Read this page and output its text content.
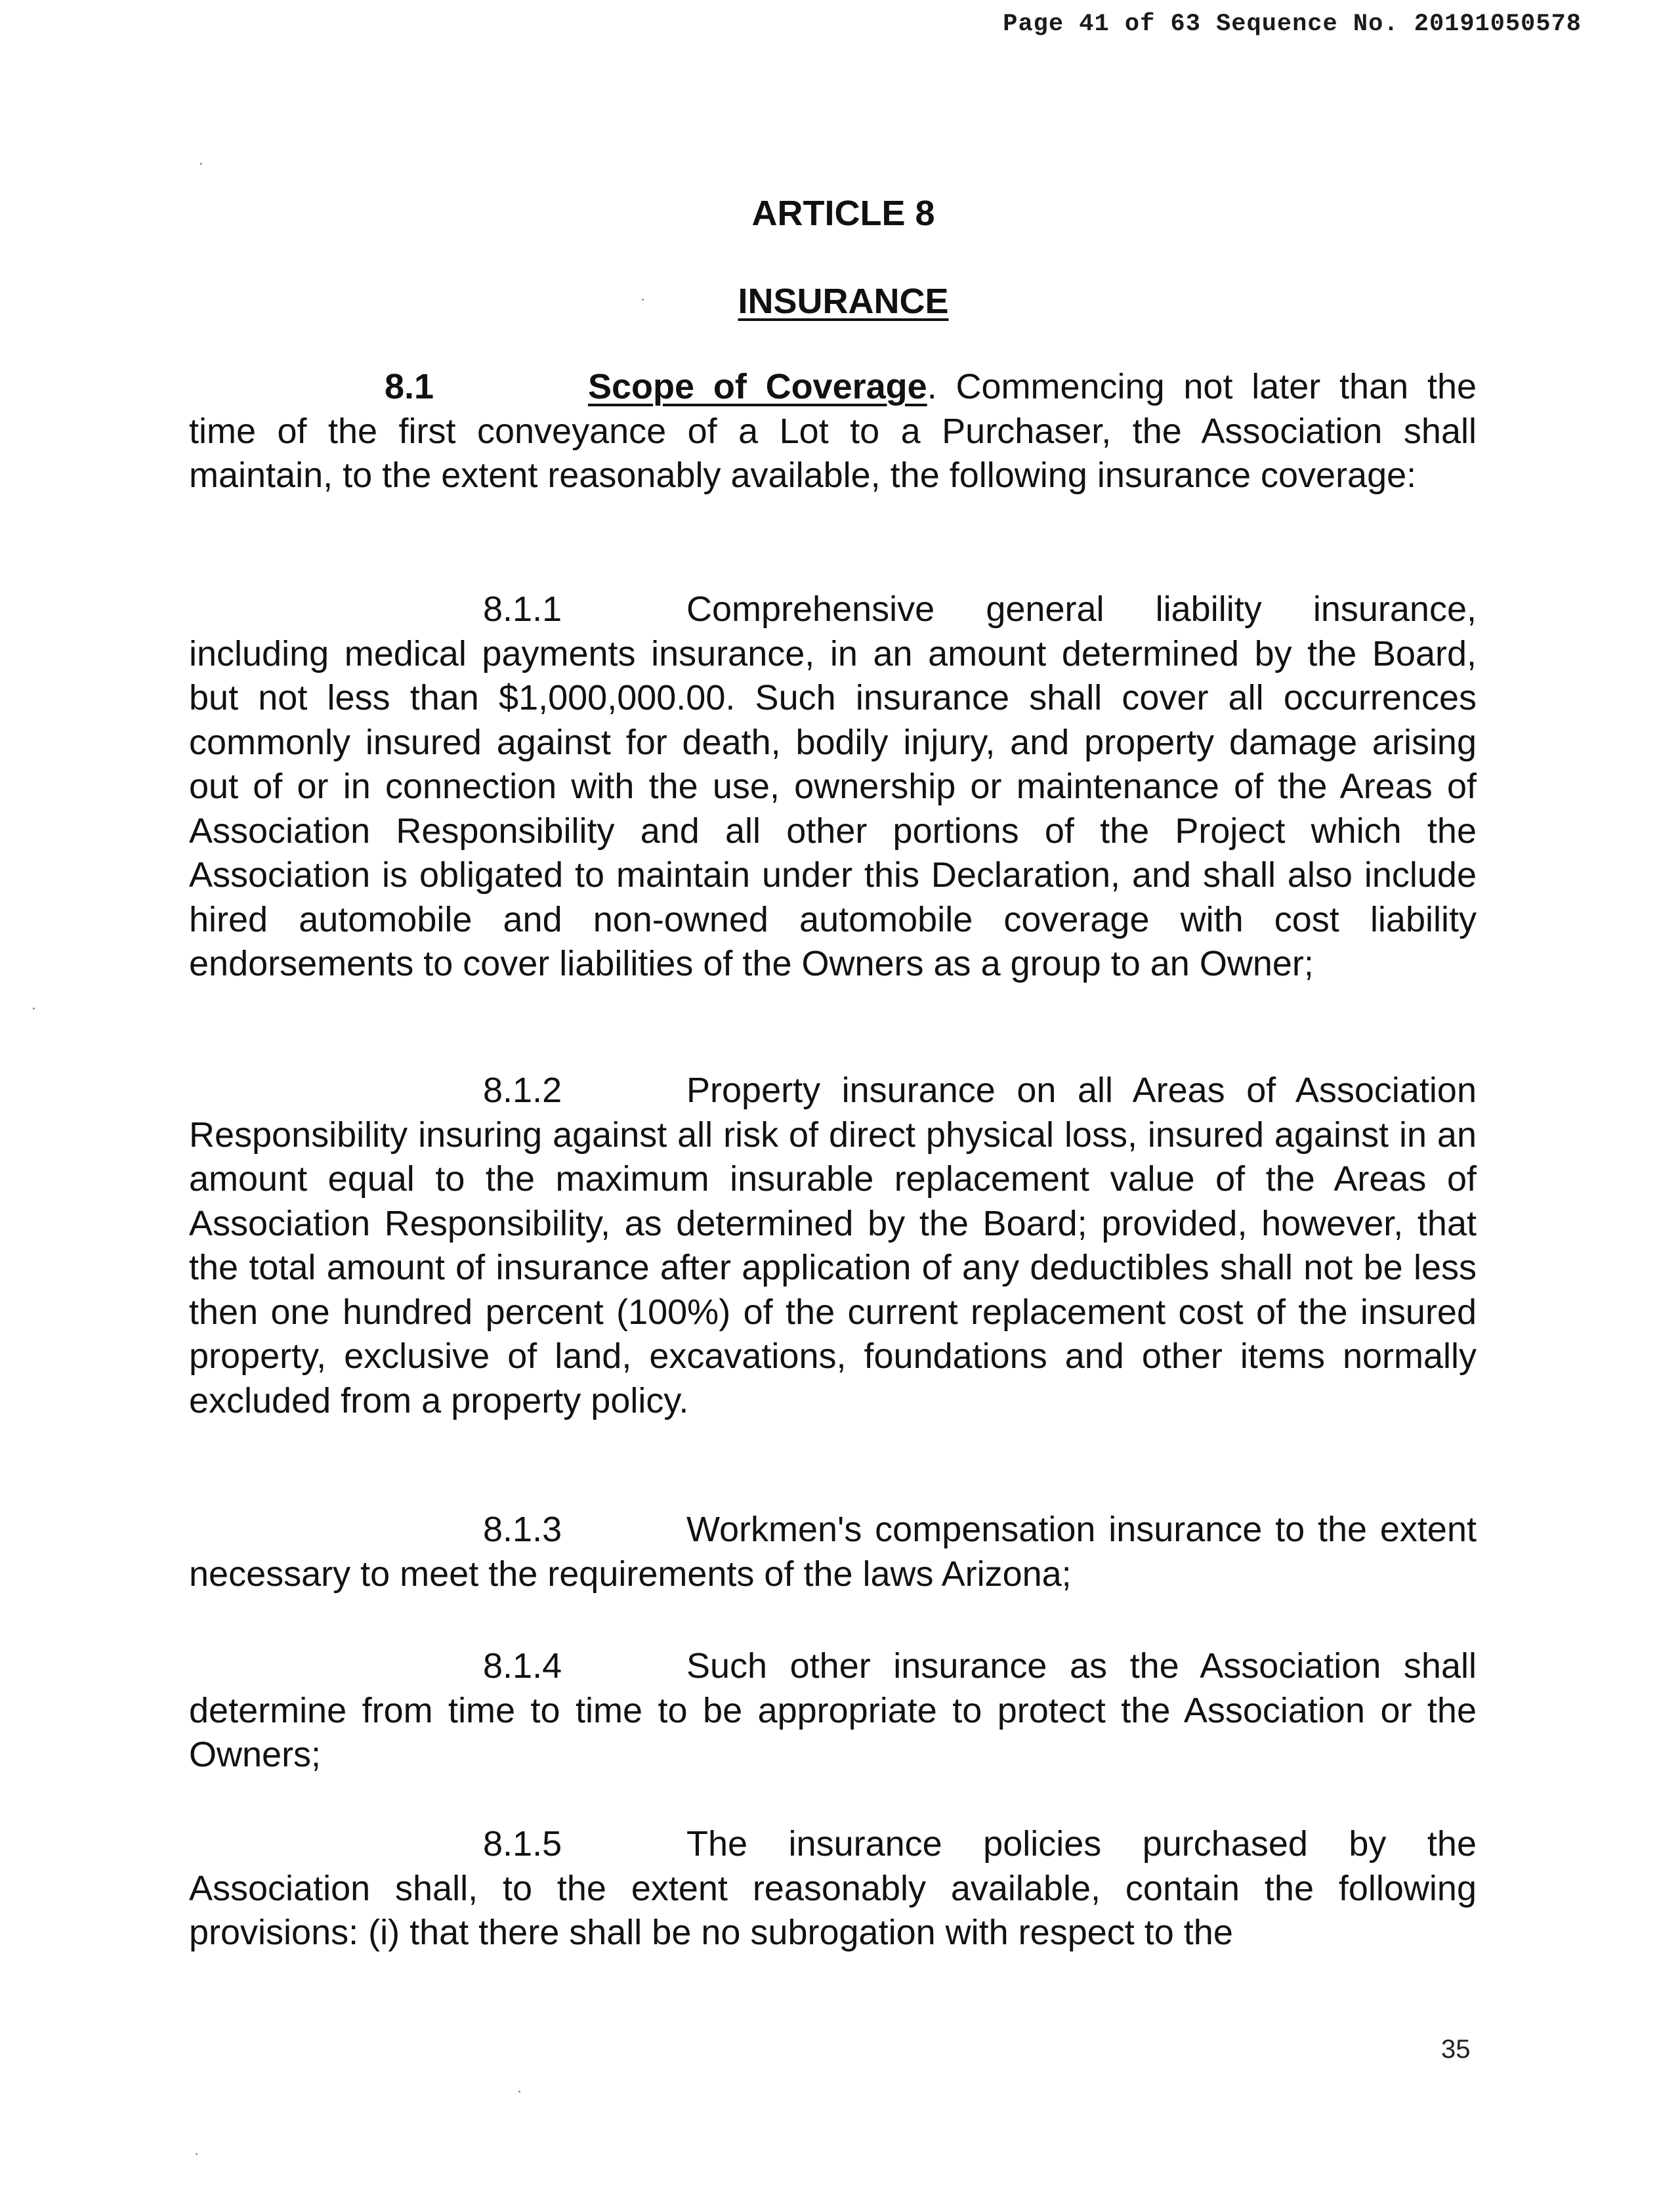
Page 41 of 63 Sequence No. 20191050578
ARTICLE 8
INSURANCE

8.1	Scope of Coverage. Commencing not later than the time of the first conveyance of a Lot to a Purchaser, the Association shall maintain, to the extent reasonably available, the following insurance coverage:

8.1.1	Comprehensive general liability insurance, including medical payments insurance, in an amount determined by the Board, but not less than $1,000,000.00. Such insurance shall cover all occurrences commonly insured against for death, bodily injury, and property damage arising out of or in connection with the use, ownership or maintenance of the Areas of Association Responsibility and all other portions of the Project which the Association is obligated to maintain under this Declaration, and shall also include hired automobile and non-owned automobile coverage with cost liability endorsements to cover liabilities of the Owners as a group to an Owner;

8.1.2	Property insurance on all Areas of Association Responsibility insuring against all risk of direct physical loss, insured against in an amount equal to the maximum insurable replacement value of the Areas of Association Responsibility, as determined by the Board; provided, however, that the total amount of insurance after application of any deductibles shall not be less then one hundred percent (100%) of the current replacement cost of the insured property, exclusive of land, excavations, foundations and other items normally excluded from a property policy.

8.1.3	Workmen's compensation insurance to the extent necessary to meet the requirements of the laws Arizona;

8.1.4	Such other insurance as the Association shall determine from time to time to be appropriate to protect the Association or the Owners;

8.1.5	The insurance policies purchased by the Association shall, to the extent reasonably available, contain the following provisions: (i) that there shall be no subrogation with respect to the

35
